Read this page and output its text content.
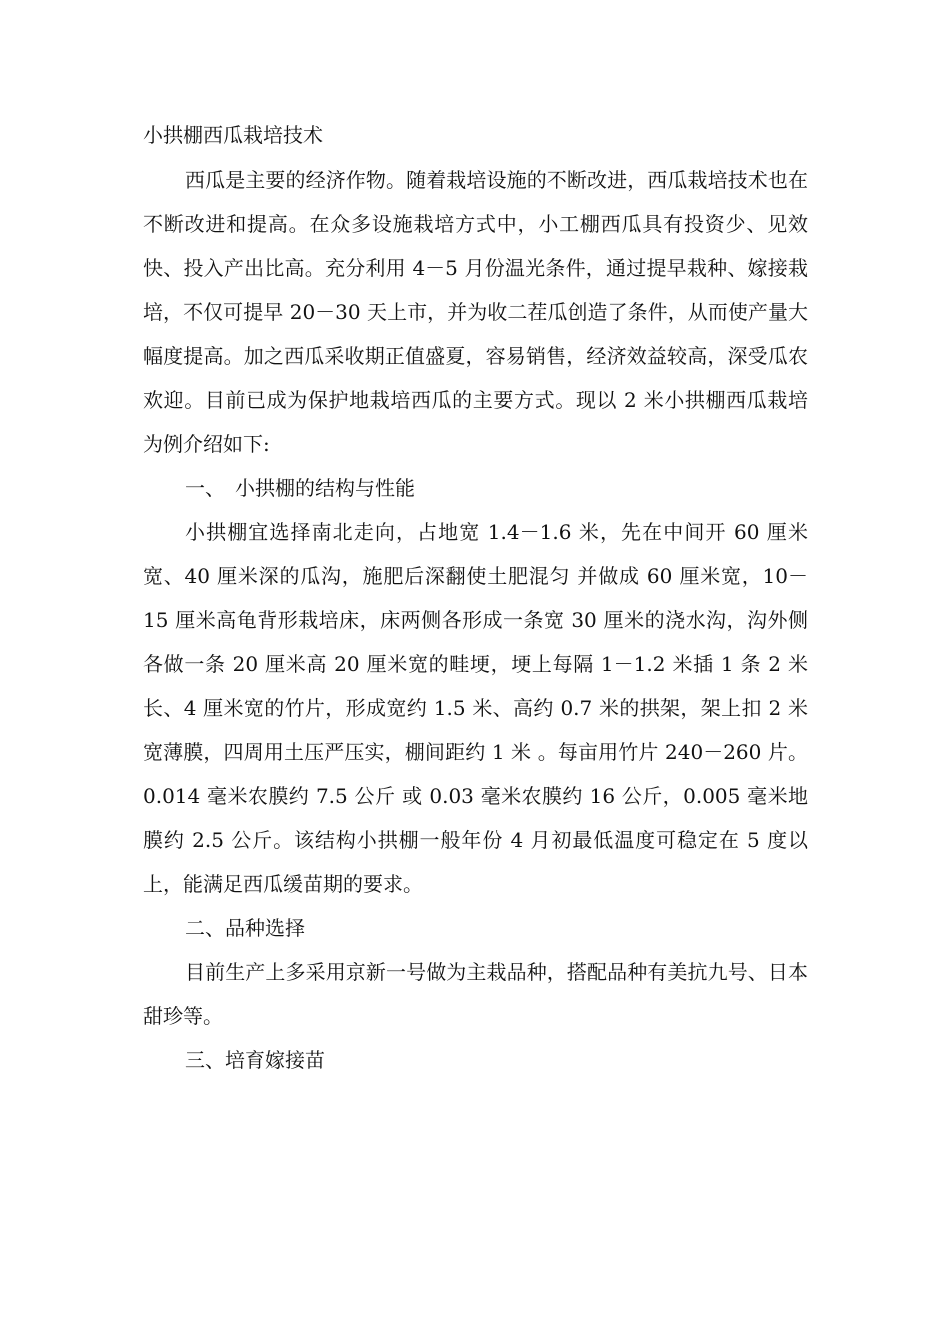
小拱棚西瓜栽培技术

西瓜是主要的经济作物。随着栽培设施的不断改进，西瓜栽培技术也在不断改进和提高。在众多设施栽培方式中，小工棚西瓜具有投资少、见效快、投入产出比高。充分利用 4－5 月份温光条件，通过提早栽种、嫁接栽培，不仅可提早 20－30 天上市，并为收二茬瓜创造了条件，从而使产量大幅度提高。加之西瓜采收期正值盛夏，容易销售，经济效益较高，深受瓜农欢迎。目前已成为保护地栽培西瓜的主要方式。现以 2 米小拱棚西瓜栽培为例介绍如下:

一、　小拱棚的结构与性能

小拱棚宜选择南北走向，占地宽 1.4－1.6 米，先在中间开 60 厘米宽、40 厘米深的瓜沟，施肥后深翻使土肥混匀 并做成 60 厘米宽，10－15 厘米高龟背形栽培床，床两侧各形成一条宽 30 厘米的浇水沟，沟外侧各做一条 20 厘米高 20 厘米宽的畦埂，埂上每隔 1－1.2 米插 1 条 2 米长、4 厘米宽的竹片，形成宽约 1.5 米、高约 0.7 米的拱架，架上扣 2 米宽薄膜，四周用土压严压实，棚间距约 1 米 。每亩用竹片 240－260 片。0.014 毫米农膜约 7.5 公斤 或 0.03 毫米农膜约 16 公斤，0.005 毫米地膜约 2.5 公斤。该结构小拱棚一般年份 4 月初最低温度可稳定在 5 度以上，能满足西瓜缓苗期的要求。

二、品种选择

目前生产上多采用京新一号做为主栽品种，搭配品种有美抗九号、日本甜珍等。

三、培育嫁接苗
